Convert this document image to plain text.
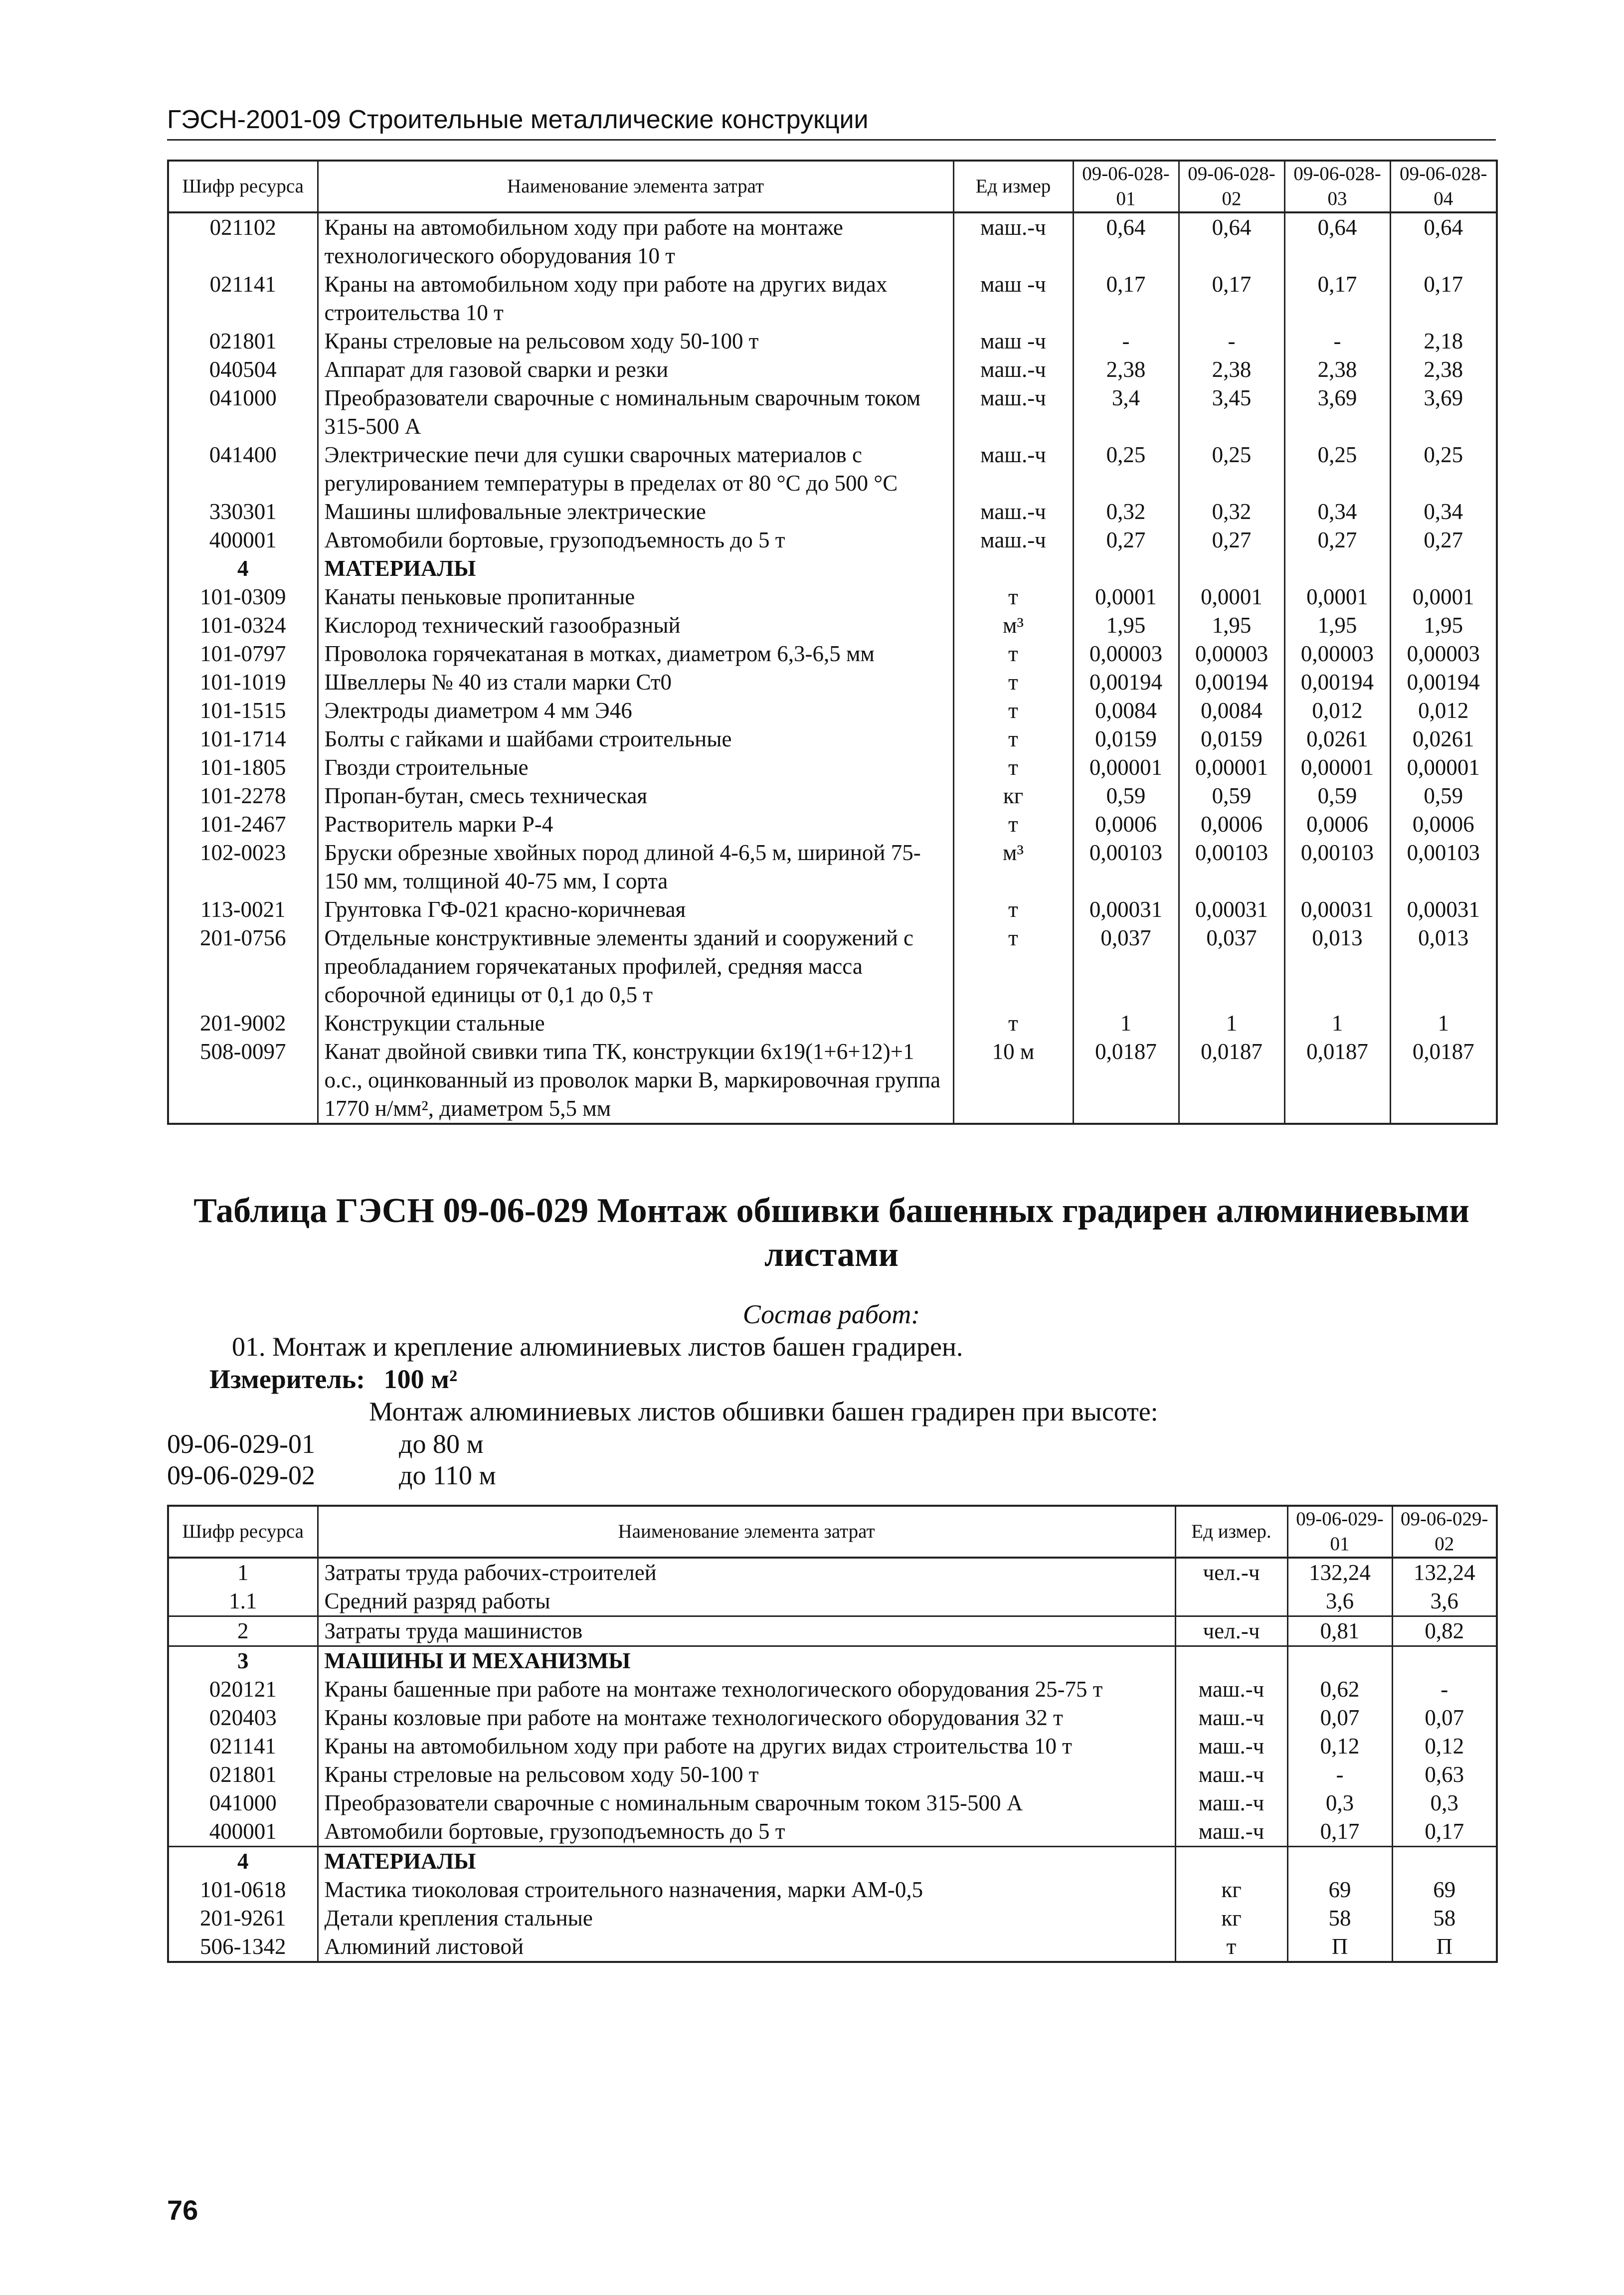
ГЭСН-2001-09 Строительные металлические конструкции
Шифр ресурса	Наименование элемента затрат	Ед измер	09-06-028-01	09-06-028-02	09-06-028-03	09-06-028-04
021102	Краны на автомобильном ходу при работе на монтаже технологического оборудования 10 т	маш.-ч	0,64	0,64	0,64	0,64
021141	Краны на автомобильном ходу при работе на других видах строительства 10 т	маш -ч	0,17	0,17	0,17	0,17
021801	Краны стреловые на рельсовом ходу 50-100 т	маш -ч	-	-	-	2,18
040504	Аппарат для газовой сварки и резки	маш.-ч	2,38	2,38	2,38	2,38
041000	Преобразователи сварочные с номинальным сварочным током 315-500 А	маш.-ч	3,4	3,45	3,69	3,69
041400	Электрические печи для сушки сварочных материалов с регулированием температуры в пределах от 80 °С до 500 °С	маш.-ч	0,25	0,25	0,25	0,25
330301	Машины шлифовальные электрические	маш.-ч	0,32	0,32	0,34	0,34
400001	Автомобили бортовые, грузоподъемность до 5 т	маш.-ч	0,27	0,27	0,27	0,27
4	МАТЕРИАЛЫ					
101-0309	Канаты пеньковые пропитанные	т	0,0001	0,0001	0,0001	0,0001
101-0324	Кислород технический газообразный	м³	1,95	1,95	1,95	1,95
101-0797	Проволока горячекатаная в мотках, диаметром 6,3-6,5 мм	т	0,00003	0,00003	0,00003	0,00003
101-1019	Швеллеры № 40 из стали марки Ст0	т	0,00194	0,00194	0,00194	0,00194
101-1515	Электроды диаметром 4 мм Э46	т	0,0084	0,0084	0,012	0,012
101-1714	Болты с гайками и шайбами строительные	т	0,0159	0,0159	0,0261	0,0261
101-1805	Гвозди строительные	т	0,00001	0,00001	0,00001	0,00001
101-2278	Пропан-бутан, смесь техническая	кг	0,59	0,59	0,59	0,59
101-2467	Растворитель марки Р-4	т	0,0006	0,0006	0,0006	0,0006
102-0023	Бруски обрезные хвойных пород длиной 4-6,5 м, шириной 75-150 мм, толщиной 40-75 мм, I сорта	м³	0,00103	0,00103	0,00103	0,00103
113-0021	Грунтовка ГФ-021 красно-коричневая	т	0,00031	0,00031	0,00031	0,00031
201-0756	Отдельные конструктивные элементы зданий и сооружений с преобладанием горячекатаных профилей, средняя масса сборочной единицы от 0,1 до 0,5 т	т	0,037	0,037	0,013	0,013
201-9002	Конструкции стальные	т	1	1	1	1
508-0097	Канат двойной свивки типа ТК, конструкции 6х19(1+6+12)+1 о.с., оцинкованный из проволок марки В, маркировочная группа 1770 н/мм², диаметром 5,5 мм	10 м	0,0187	0,0187	0,0187	0,0187
Таблица ГЭСН 09-06-029 Монтаж обшивки башенных градирен алюминиевыми листами
Состав работ:
01. Монтаж и крепление алюминиевых листов башен градирен.
Измеритель: 100 м²
Монтаж алюминиевых листов обшивки башен градирен при высоте:
09-06-029-01	до 80 м
09-06-029-02	до 110 м
Шифр ресурса	Наименование элемента затрат	Ед измер.	09-06-029-01	09-06-029-02
1	Затраты труда рабочих-строителей	чел.-ч	132,24	132,24
1.1	Средний разряд работы		3,6	3,6
2	Затраты труда машинистов	чел.-ч	0,81	0,82
3	МАШИНЫ И МЕХАНИЗМЫ			
020121	Краны башенные при работе на монтаже технологического оборудования 25-75 т	маш.-ч	0,62	-
020403	Краны козловые при работе на монтаже технологического оборудования 32 т	маш.-ч	0,07	0,07
021141	Краны на автомобильном ходу при работе на других видах строительства 10 т	маш.-ч	0,12	0,12
021801	Краны стреловые на рельсовом ходу 50-100 т	маш.-ч	-	0,63
041000	Преобразователи сварочные с номинальным сварочным током 315-500 А	маш.-ч	0,3	0,3
400001	Автомобили бортовые, грузоподъемность до 5 т	маш.-ч	0,17	0,17
4	МАТЕРИАЛЫ			
101-0618	Мастика тиоколовая строительного назначения, марки АМ-0,5	кг	69	69
201-9261	Детали крепления стальные	кг	58	58
506-1342	Алюминий листовой	т	П	П
76
